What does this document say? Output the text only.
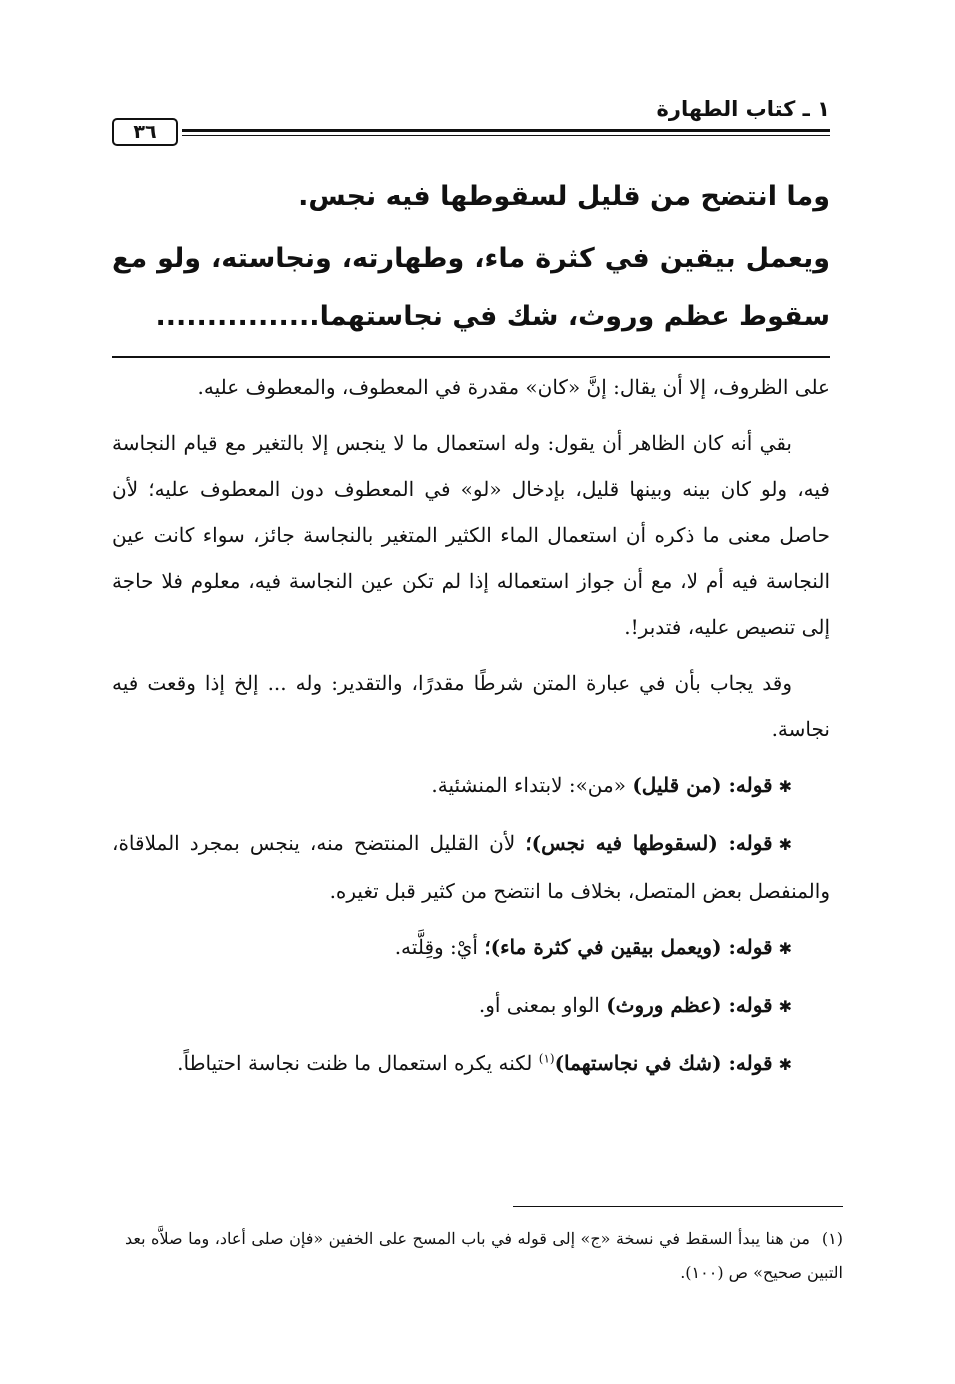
١ ـ كتاب الطهارة
٣٦

وما انتضح من قليل لسقوطها فيه نجس.

ويعمل بيقين في كثرة ماء، وطهارته، ونجاسته، ولو مع سقوط عظم وروث، شك في نجاستهما................

على الظروف، إلا أن يقال: إنَّ «كان» مقدرة في المعطوف، والمعطوف عليه.

بقي أنه كان الظاهر أن يقول: وله استعمال ما لا ينجس إلا بالتغير مع قيام النجاسة فيه، ولو كان بينه وبينها قليل، بإدخال «لو» في المعطوف دون المعطوف عليه؛ لأن حاصل معنى ما ذكره أن استعمال الماء الكثير المتغير بالنجاسة جائز، سواء كانت عين النجاسة فيه أم لا، مع أن جواز استعماله إذا لم تكن عين النجاسة فيه، معلوم فلا حاجة إلى تنصيص عليه، فتدبر!.

وقد يجاب بأن في عبارة المتن شرطًا مقدرًا، والتقدير: وله ... إلخ إذا وقعت فيه نجاسة.

✱قوله: (من قليل) «من»: لابتداء المنشئية.

✱قوله: (لسقوطها فيه نجس)؛ لأن القليل المنتضح منه، ينجس بمجرد الملاقاة، والمنفصل بعض المتصل، بخلاف ما انتضح من كثير قبل تغيره.

✱قوله: (ويعمل بيقين في كثرة ماء)؛ أيْ: وقِلَّته.

✱قوله: (عظم وروث) الواو بمعنى أو.

✱قوله: (شك في نجاستهما)$^{(١)}$ لكنه يكره استعمال ما ظنت نجاسة احتياطاً.

(١)من هنا يبدأ السقط في نسخة «ج» إلى قوله في باب المسح على الخفين «فإن صلى أعاد، وما صلاَّه بعد التبين صحيح» ص (١٠٠).
